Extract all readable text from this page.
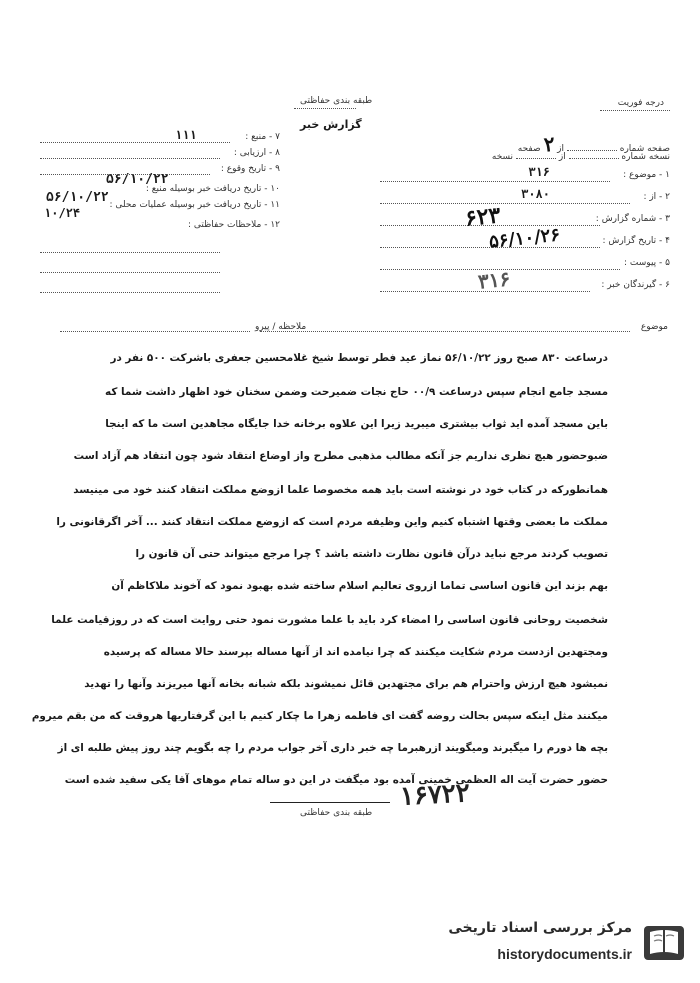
درجه فوریت
طبقه بندی حفاظتی
گزارش خبر
صفحه شماره  از ۲ صفحه
نسخه شماره  از  نسخه
۱ - موضوع :
۳۱۶
۲ - از :
۳۰۸۰
۳ - شماره گزارش :
۶۲۳
۴ - تاریخ گزارش :
۵۶/۱۰/۲۶
۵ - پیوست :
۶ - گیرندگان خبر :
۳۱۶
۷ - منبع :
۱۱۱
۸ - ارزیابی :
۹ - تاریخ وقوع :
۵۶/۱۰/۲۲
۱۰ - تاریخ دریافت خبر بوسیله منبع :
۵۶/۱۰/۲۲ ۱۱ - تاریخ دریافت خبر بوسیله عملیات محلی :
۱۰/۲۴
۱۲ - ملاحظات حفاظتی :
موضوع
ملاحظه / پیرو
درساعت ۸۳۰ صبح روز ۵۶/۱۰/۲۲ نماز عید فطر توسط شیخ غلامحسین جعفری باشرکت ۵۰۰ نفر در
مسجد جامع انجام سپس درساعت ۰۰/۹ حاج نجات ضمیرحت وضمن سخنان خود اظهار داشت شما که
باین مسجد آمده اید ثواب بیشتری میبرید زیرا این علاوه برخانه خدا جایگاه مجاهدین است ما که اینجا
ضبوحضور هیچ نظری نداریم جز آنکه مطالب مذهبی مطرح واز اوضاع انتقاد شود چون انتقاد هم آزاد است
همانطورکه در کتاب خود در نوشته است باید همه مخصوصا علما ازوضع مملکت انتقاد کنند خود می مینیسد
مملکت ما بعضی وقتها اشتباه کنیم واین وظیفه مردم است که ازوضع مملکت انتقاد کنند ... آخر اگرقانونی را
تصویب کردند مرجع نباید درآن قانون نظارت داشته باشد ؟ چرا مرجع میتواند حتی آن قانون را
بهم بزند این قانون اساسی تماما ازروی تعالیم اسلام ساخته شده بهبود نمود که آخوند ملاکاظم آن
شخصیت روحانی قانون اساسی را امضاء کرد باید با علما مشورت نمود حتی روایت است که در روزقیامت علما
ومجتهدین ازدست مردم شکایت میکنند که چرا نیامده اند از آنها مساله بپرسند حالا مساله که پرسیده
نمیشود هیچ ارزش واحترام هم برای مجتهدین قائل نمیشوند بلکه شبانه بخانه آنها میریزند وآنها را تهدید
میکنند مثل اینکه سپس بحالت روضه گفت ای فاطمه زهرا ما چکار کنیم با این گرفتاریها هروقت که من بقم میروم
بچه ها دورم را میگیرند ومیگویند ازرهبرما چه خبر داری آخر جواب مردم را چه بگویم چند روز پیش طلبه ای از
حضور حضرت آیت اله العظمی خمینی آمده بود میگفت در این دو ساله تمام موهای آقا یکی سفید شده است
۱۶۷۲۲
طبقه بندی حفاظتی
مرکز بررسی اسناد تاریخی
historydocuments.ir
